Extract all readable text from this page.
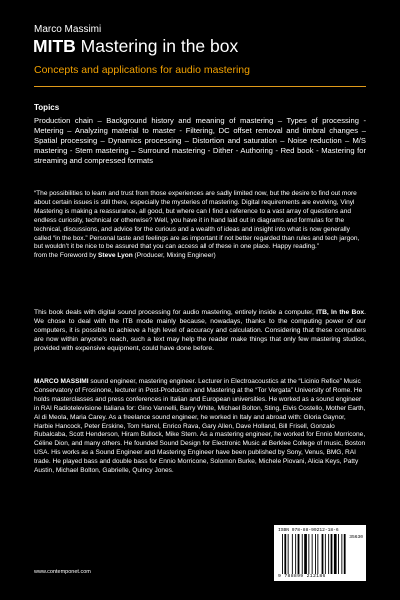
Marco Massimi
MITB Mastering in the box
Concepts and applications for audio mastering
Topics
Production chain – Background history and meaning of mastering – Types of processing - Metering – Analyzing material to master - Filtering, DC offset removal and timbral changes – Spatial processing – Dynamics processing – Distortion and saturation – Noise reduction – M/S mastering - Stem mastering – Surround mastering - Dither - Authoring - Red book - Mastering for streaming and compressed formats
“The possibilities to learn and trust from those experiences are sadly limited now, but the desire to find out more about certain issues is still there, especially the mysteries of mastering. Digital requirements are evolving, Vinyl Mastering is making a reassurance, all good, but where can I find a reference to a vast array of questions and endless curiosity, technical or otherwise? Well, you have it in hand laid out in diagrams and formulas for the technical, discussions, and advice for the curious and a wealth of ideas and insight into what is now generally called “in the box.” Personal taste and feelings are as important if not better regarded than rules and tech jargon, but wouldn’t it be nice to be assured that you can access all of these in one place. Happy reading.”
from the Foreword by Steve Lyon (Producer, Mixing Engineer)
This book deals with digital sound processing for audio mastering, entirely inside a computer, ITB, In the Box. We chose to deal with the ITB mode mainly because, nowadays, thanks to the computing power of our computers, it is possible to achieve a high level of accuracy and calculation. Considering that these computers are now within anyone’s reach, such a text may help the reader make things that only few mastering studios, provided with expensive equipment, could have done before.
MARCO MASSIMI sound engineer, mastering engineer. Lecturer in Electroacoustics at the “Licinio Refice” Music Conservatory of Frosinone, lecturer in Post-Production and Mastering at the “Tor Vergata” University of Rome. He holds masterclasses and press conferences in Italian and European universities. He worked as a sound engineer in RAI Radiotelevisione Italiana for: Gino Vannelli, Barry White, Michael Bolton, Sting, Elvis Costello, Mother Earth, Al di Meola, Maria Carey. As a freelance sound engineer, he worked in Italy and abroad with: Gloria Gaynor, Harbie Hancock, Peter Erskine, Tom Harrel, Enrico Rava, Gary Allen, Dave Holland, Bill Frisell, Gonzalo Rubalcaba, Scott Henderson, Hiram Bullock, Mike Stern. As a mastering engineer, he worked for Ennio Morricone, Céline Dion, and many others. He founded Sound Design for Electronic Music at Berklee College of music, Boston USA. His works as a Sound Engineer and Mastering Engineer have been published by Sony, Venus, BMG, RAI trade. He played bass and double bass for Ennio Morricone, Solomon Burke, Michele Piovani, Alicia Keys, Patty Austin, Michael Bolton, Gabrielle, Quincy Jones.
www.contemponet.com
ISBN 978-88-99212-18-6
35630
9 788899 212186
